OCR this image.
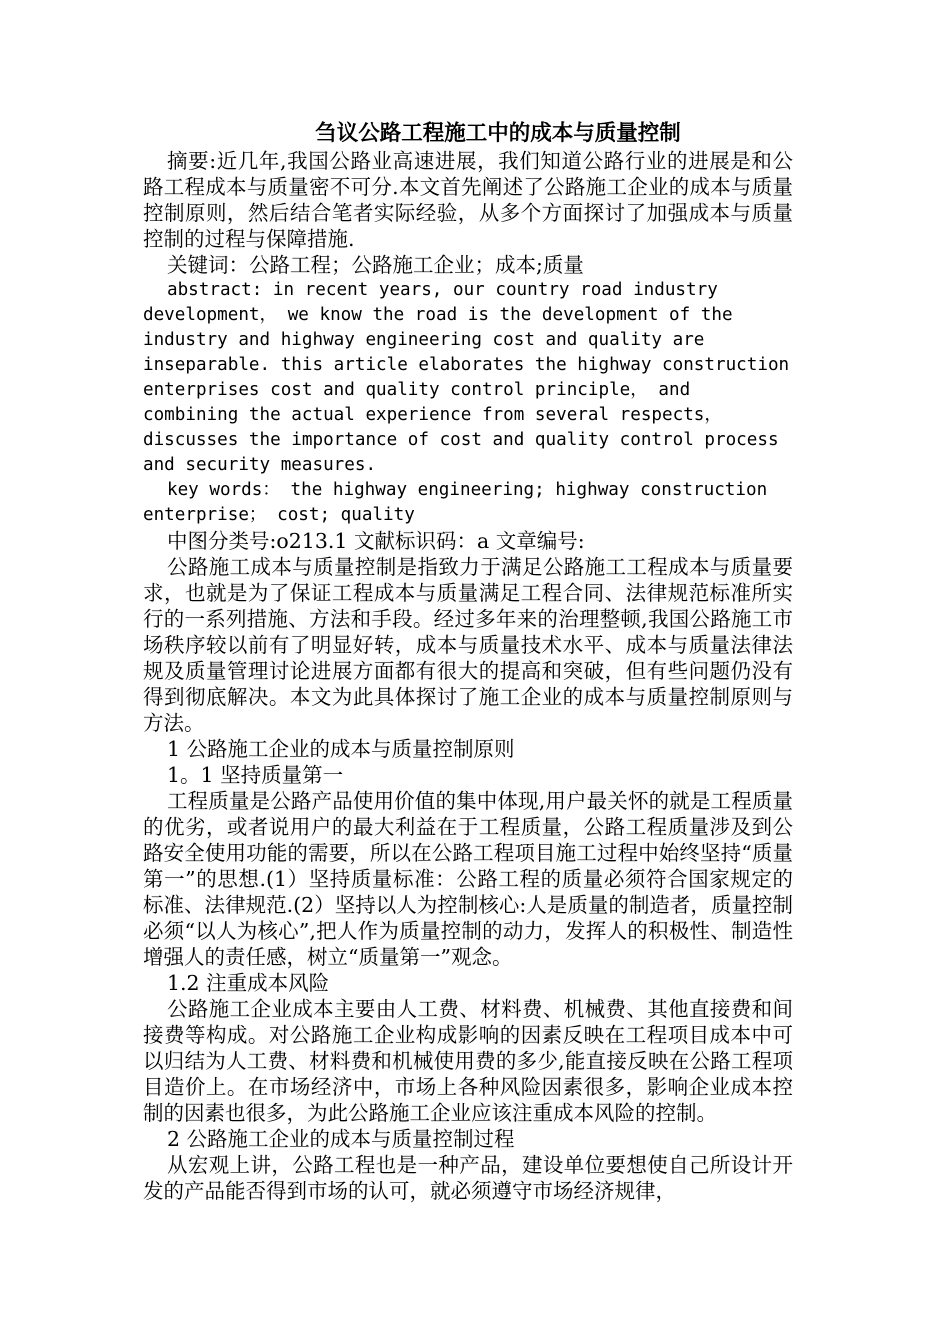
刍议公路工程施工中的成本与质量控制

摘要:近几年,我国公路业高速进展，我们知道公路行业的进展是和公路工程成本与质量密不可分.本文首先阐述了公路施工企业的成本与质量控制原则，然后结合笔者实际经验，从多个方面探讨了加强成本与质量控制的过程与保障措施.

关键词：公路工程；公路施工企业；成本;质量

abstract: in recent years, our country road industry development， we know the road is the development of the industry and highway engineering cost and quality are inseparable. this article elaborates the highway construction enterprises cost and quality control principle， and combining the actual experience from several respects， discusses the importance of cost and quality control process and security measures.

key words： the highway engineering; highway construction enterprise； cost; quality

中图分类号:o213.1 文献标识码：a 文章编号:

公路施工成本与质量控制是指致力于满足公路施工工程成本与质量要求，也就是为了保证工程成本与质量满足工程合同、法律规范标准所实行的一系列措施、方法和手段。经过多年来的治理整顿,我国公路施工市场秩序较以前有了明显好转，成本与质量技术水平、成本与质量法律法规及质量管理讨论进展方面都有很大的提高和突破，但有些问题仍没有得到彻底解决。本文为此具体探讨了施工企业的成本与质量控制原则与方法。

1 公路施工企业的成本与质量控制原则

1。1 坚持质量第一

工程质量是公路产品使用价值的集中体现,用户最关怀的就是工程质量的优劣，或者说用户的最大利益在于工程质量，公路工程质量涉及到公路安全使用功能的需要，所以在公路工程项目施工过程中始终坚持“质量第一”的思想.(1）坚持质量标准：公路工程的质量必须符合国家规定的标准、法律规范.(2）坚持以人为控制核心:人是质量的制造者，质量控制必须“以人为核心”,把人作为质量控制的动力，发挥人的积极性、制造性增强人的责任感，树立“质量第一”观念。

1.2 注重成本风险

公路施工企业成本主要由人工费、材料费、机械费、其他直接费和间接费等构成。对公路施工企业构成影响的因素反映在工程项目成本中可以归结为人工费、材料费和机械使用费的多少,能直接反映在公路工程项目造价上。在市场经济中，市场上各种风险因素很多，影响企业成本控制的因素也很多，为此公路施工企业应该注重成本风险的控制。

2 公路施工企业的成本与质量控制过程

从宏观上讲，公路工程也是一种产品，建设单位要想使自己所设计开发的产品能否得到市场的认可，就必须遵守市场经济规律，
